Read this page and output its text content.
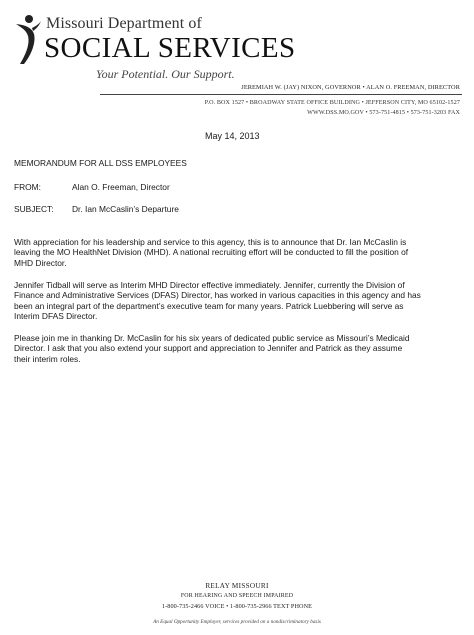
Missouri Department of
SOCIAL SERVICES
Your Potential. Our Support.
JEREMIAH W. (JAY) NIXON, GOVERNOR • ALAN O. FREEMAN, DIRECTOR
P.O. BOX 1527 • BROADWAY STATE OFFICE BUILDING • JEFFERSON CITY, MO 65102-1527
WWW.DSS.MO.GOV • 573-751-4815 • 573-751-3203 FAX
May 14, 2013
MEMORANDUM FOR ALL DSS EMPLOYEES
FROM:	Alan O. Freeman, Director
SUBJECT: Dr. Ian McCaslin’s Departure
With appreciation for his leadership and service to this agency, this is to announce that Dr. Ian McCaslin is
leaving the MO HealthNet Division (MHD). A national recruiting effort will be conducted to fill the position of
MHD Director.
Jennifer Tidball will serve as Interim MHD Director effective immediately. Jennifer, currently the Division of
Finance and Administrative Services (DFAS) Director, has worked in various capacities in this agency and has
been an integral part of the department’s executive team for many years. Patrick Luebbering will serve as
Interim DFAS Director.
Please join me in thanking Dr. McCaslin for his six years of dedicated public service as Missouri’s Medicaid
Director. I ask that you also extend your support and appreciation to Jennifer and Patrick as they assume
their interim roles.
RELAY MISSOURI
FOR HEARING AND SPEECH IMPAIRED
1-800-735-2466 VOICE • 1-800-735-2966 TEXT PHONE
An Equal Opportunity Employer, services provided on a nondiscriminatory basis
